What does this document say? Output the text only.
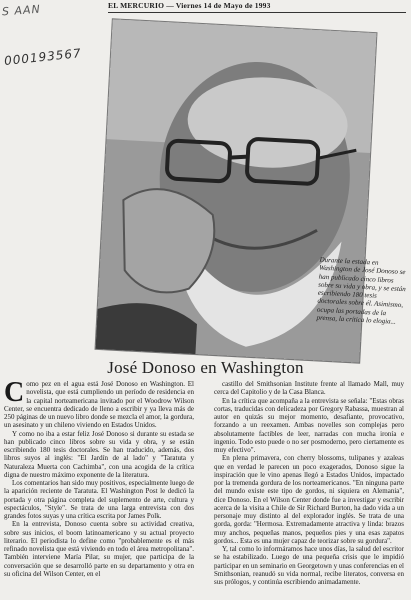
S AAN	EL MERCURIO — Viernes 14 de Mayo de 1993
000193567
Durante la estada en Washington de José Donoso se han publicado cinco libros sobre su vida y obra, y se están escribiendo 180 tesis doctorales sobre él. Asimismo, ocupa las portadas de la prensa, la crítica lo elogia...
José Donoso en Washington

Como pez en el agua está José Donoso en Washington. El novelista, que está cumpliendo un período de residencia en la capital norteamericana invitado por el Woodrow Wilson Center, se encuentra dedicado de lleno a escribir y ya lleva más de 250 páginas de un nuevo libro donde se mezcla el amor, la gordura, un asesinato y un chileno viviendo en Estados Unidos.

Y como no iba a estar feliz José Donoso si durante su estada se han publicado cinco libros sobre su vida y obra, y se están escribiendo 180 tesis doctorales. Se han traducido, además, dos libros suyos al inglés: "El Jardín de al lado" y "Taratuta y Naturaleza Muerta con Cachimba", con una acogida de la crítica digna de nuestro máximo exponente de la literatura.

Los comentarios han sido muy positivos, especialmente luego de la aparición reciente de Taratuta. El Washington Post le dedicó la portada y otra página completa del suplemento de arte, cultura y espectáculos, "Style". Se trata de una larga entrevista con dos grandes fotos suyas y una crítica escrita por James Polk.

En la entrevista, Donoso cuenta sobre su actividad creativa, sobre sus inicios, el boom latinoamericano y su actual proyecto literario. El periodista lo define como "probablemente es el más refinado novelista que está viviendo en todo el área metropolitana". También interviene María Pilar, su mujer, que participa de la conversación que se desarrolló parte en su departamento y otra en su oficina del Wilson Center, en el

castillo del Smithsonian Institute frente al llamado Mall, muy cerca del Capitolio y de la Casa Blanca.

En la crítica que acompaña a la entrevista se señala: "Estas obras cortas, traducidas con delicadeza por Gregory Rabassa, muestran al autor en quizás su mejor momento, desafiante, provocativo, forzando a un reexamen. Ambas novelles son complejas pero absolutamente factibles de leer, narradas con mucha ironía e ingenio. Todo esto puede o no ser posmoderno, pero ciertamente es muy efectivo".

En plena primavera, con cherry blossoms, tulipanes y azaleas que en verdad le parecen un poco exagerados, Donoso sigue la inspiración que le vino apenas llegó a Estados Unidos, impactado por la tremenda gordura de los norteamericanos. "En ninguna parte del mundo existe este tipo de gordos, ni siquiera en Alemania", dice Donoso. En el Wilson Center donde fue a investigar y escribir acerca de la visita a Chile de Sir Richard Burton, ha dado vida a un personaje muy distinto al del explorador inglés. Se trata de una gorda, gorda: "Hermosa. Extremadamente atractiva y linda: brazos muy anchos, pequeñas manos, pequeños pies y una esas zapatos gordos... Esta es una mujer capaz de teorizar sobre su gordura".

Y, tal como lo informáramos hace unos días, la salud del escritor se ha estabilizado. Luego de una pequeña crisis que le impidió participar en un seminario en Georgetown y unas conferencias en el Smithsonian, reanudó su vida normal, recibe literatos, conversa en sus prólogos, y continúa escribiendo animadamente.
